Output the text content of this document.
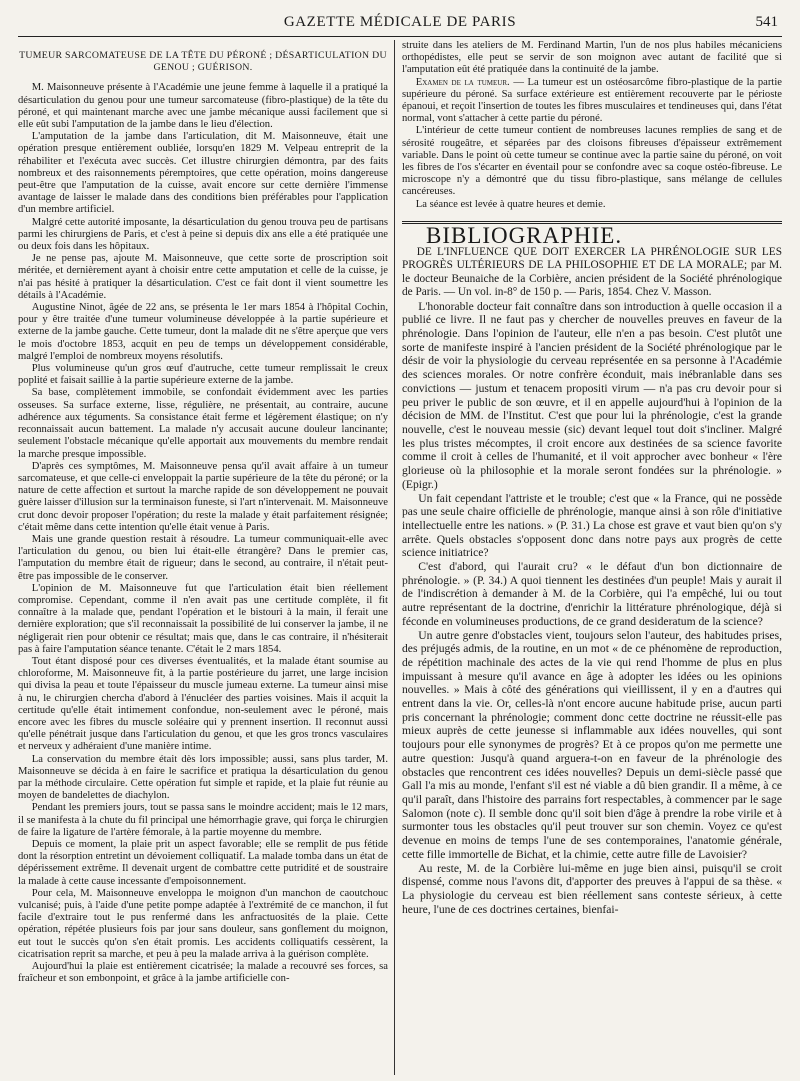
GAZETTE MÉDICALE DE PARIS	541
TUMEUR SARCOMATEUSE DE LA TÊTE DU PÉRONÉ ; DÉSARTICULATION DU GENOU ; GUÉRISON.

M. Maisonneuve présente à l'Académie une jeune femme à laquelle il a pratiqué la désarticulation du genou pour une tumeur sarcomateuse (fibro-plastique) de la tête du péroné, et qui maintenant marche avec une jambe mécanique aussi facilement que si elle eût subi l'amputation de la jambe dans le lieu d'élection.

L'amputation de la jambe dans l'articulation, dit M. Maisonneuve, était une opération presque entièrement oubliée, lorsqu'en 1829 M. Velpeau entreprit de la réhabiliter et l'exécuta avec succès. Cet illustre chirurgien démontra, par des faits nombreux et des raisonnements péremptoires, que cette opération, moins dangereuse peut-être que l'amputation de la cuisse, avait encore sur cette dernière l'immense avantage de laisser le malade dans des conditions bien préférables pour l'application d'un membre artificiel.

Malgré cette autorité imposante, la désarticulation du genou trouva peu de partisans parmi les chirurgiens de Paris, et c'est à peine si depuis dix ans elle a été pratiquée une ou deux fois dans les hôpitaux.

Je ne pense pas, ajoute M. Maisonneuve, que cette sorte de proscription soit méritée, et dernièrement ayant à choisir entre cette amputation et celle de la cuisse, je n'ai pas hésité à pratiquer la désarticulation. C'est ce fait dont il vient soumettre les détails à l'Académie.

Augustine Ninot, âgée de 22 ans, se présenta le 1er mars 1854 à l'hôpital Cochin, pour y être traitée d'une tumeur volumineuse développée à la partie supérieure et externe de la jambe gauche. Cette tumeur, dont la malade dit ne s'être aperçue que vers le mois d'octobre 1853, acquit en peu de temps un développement considérable, malgré l'emploi de nombreux moyens résolutifs.

Plus volumineuse qu'un gros œuf d'autruche, cette tumeur remplissait le creux poplité et faisait saillie à la partie supérieure externe de la jambe.

Sa base, complètement immobile, se confondait évidemment avec les parties osseuses. Sa surface externe, lisse, régulière, ne présentait, au contraire, aucune adhérence aux téguments. Sa consistance était ferme et légèrement élastique; on n'y reconnaissait aucun battement. La malade n'y accusait aucune douleur lancinante; seulement l'obstacle mécanique qu'elle apportait aux mouvements du membre rendait la marche presque impossible.

D'après ces symptômes, M. Maisonneuve pensa qu'il avait affaire à un tumeur sarcomateuse, et que celle-ci enveloppait la partie supérieure de la tête du péroné; or la nature de cette affection et surtout la marche rapide de son développement ne pouvait guère laisser d'illusion sur la terminaison funeste, si l'art n'intervenait. M. Maisonneuve crut donc devoir proposer l'opération; du reste la malade y était parfaitement résignée; c'était même dans cette intention qu'elle était venue à Paris.

Mais une grande question restait à résoudre. La tumeur communiquait-elle avec l'articulation du genou, ou bien lui était-elle étrangère? Dans le premier cas, l'amputation du membre était de rigueur; dans le second, au contraire, il n'était peut-être pas impossible de le conserver.

L'opinion de M. Maisonneuve fut que l'articulation était bien réellement compromise. Cependant, comme il n'en avait pas une certitude complète, il fit connaître à la malade que, pendant l'opération et le bistouri à la main, il ferait une dernière exploration; que s'il reconnaissait la possibilité de lui conserver la jambe, il ne négligerait rien pour obtenir ce résultat; mais que, dans le cas contraire, il n'hésiterait pas à faire l'amputation séance tenante. C'était le 2 mars 1854.

Tout étant disposé pour ces diverses éventualités, et la malade étant soumise au chloroforme, M. Maisonneuve fit, à la partie postérieure du jarret, une large incision qui divisa la peau et toute l'épaisseur du muscle jumeau externe. La tumeur ainsi mise à nu, le chirurgien chercha d'abord à l'énucléer des parties voisines. Mais il acquit la certitude qu'elle était intimement confondue, non-seulement avec le péroné, mais encore avec les fibres du muscle soléaire qui y prennent insertion. Il reconnut aussi qu'elle pénétrait jusque dans l'articulation du genou, et que les gros troncs vasculaires et nerveux y adhéraient d'une manière intime.

La conservation du membre était dès lors impossible; aussi, sans plus tarder, M. Maisonneuve se décida à en faire le sacrifice et pratiqua la désarticulation du genou par la méthode circulaire. Cette opération fut simple et rapide, et la plaie fut réunie au moyen de bandelettes de diachylon.

Pendant les premiers jours, tout se passa sans le moindre accident; mais le 12 mars, il se manifesta à la chute du fil principal une hémorrhagie grave, qui força le chirurgien de faire la ligature de l'artère fémorale, à la partie moyenne du membre.

Depuis ce moment, la plaie prit un aspect favorable; elle se remplit de pus fétide dont la résorption entretint un dévoiement colliquatif. La malade tomba dans un état de dépérissement extrême. Il devenait urgent de combattre cette putridité et de soustraire la malade à cette cause incessante d'empoisonnement.

Pour cela, M. Maisonneuve enveloppa le moignon d'un manchon de caoutchouc vulcanisé; puis, à l'aide d'une petite pompe adaptée à l'extrémité de ce manchon, il fut facile d'extraire tout le pus renfermé dans les anfractuosités de la plaie. Cette opération, répétée plusieurs fois par jour sans douleur, sans gonflement du moignon, eut tout le succès qu'on s'en était promis. Les accidents colliquatifs cessèrent, la cicatrisation reprit sa marche, et peu à peu la malade arriva à la guérison complète.

Aujourd'hui la plaie est entièrement cicatrisée; la malade a recouvré ses forces, sa fraîcheur et son embonpoint, et grâce à la jambe artificielle con-

struite dans les ateliers de M. Ferdinand Martin, l'un de nos plus habiles mécaniciens orthopédistes, elle peut se servir de son moignon avec autant de facilité que si l'amputation eût été pratiquée dans la continuité de la jambe.

Examen de la tumeur. — La tumeur est un ostéosarcôme fibro-plastique de la partie supérieure du péroné. Sa surface extérieure est entièrement recouverte par le périoste épanoui, et reçoit l'insertion de toutes les fibres musculaires et tendineuses qui, dans l'état normal, vont s'attacher à cette partie du péroné.

L'intérieur de cette tumeur contient de nombreuses lacunes remplies de sang et de sérosité rougeâtre, et séparées par des cloisons fibreuses d'épaisseur extrêmement variable. Dans le point où cette tumeur se continue avec la partie saine du péroné, on voit les fibres de l'os s'écarter en éventail pour se confondre avec sa coque ostéo-fibreuse. Le microscope n'y a démontré que du tissu fibro-plastique, sans mélange de cellules cancéreuses.

La séance est levée à quatre heures et demie.

BIBLIOGRAPHIE.

DE L'INFLUENCE QUE DOIT EXERCER LA PHRÉNOLOGIE SUR LES PROGRÈS ULTÉRIEURS DE LA PHILOSOPHIE ET DE LA MORALE; par M. le docteur Beunaiche de la Corbière, ancien président de la Société phrénologique de Paris. — Un vol. in-8° de 150 p. — Paris, 1854. Chez V. Masson.

L'honorable docteur fait connaître dans son introduction à quelle occasion il a publié ce livre. Il ne faut pas y chercher de nouvelles preuves en faveur de la phrénologie. Dans l'opinion de l'auteur, elle n'en a pas besoin. C'est plutôt une sorte de manifeste inspiré à l'ancien président de la Société phrénologique par le désir de voir la physiologie du cerveau représentée en sa personne à l'Académie des sciences morales. Or notre confrère éconduit, mais inébranlable dans ses convictions — justum et tenacem propositi virum — n'a pas cru devoir pour si peu priver le public de son œuvre, et il en appelle aujourd'hui à l'opinion de la décision de MM. de l'Institut. C'est que pour lui la phrénologie, c'est la grande nouvelle, c'est le nouveau messie (sic) devant lequel tout doit s'incliner. Malgré les plus tristes mécomptes, il croit encore aux destinées de sa science favorite comme il croit à celles de l'humanité, et il voit approcher avec bonheur « l'ère glorieuse où la philosophie et la morale seront fondées sur la phrénologie. » (Epigr.)

Un fait cependant l'attriste et le trouble; c'est que « la France, qui ne possède pas une seule chaire officielle de phrénologie, manque ainsi à son rôle d'initiative intellectuelle entre les nations. » (P. 31.) La chose est grave et vaut bien qu'on s'y arrête. Quels obstacles s'opposent donc dans notre pays aux progrès de cette science initiatrice?

C'est d'abord, qui l'aurait cru? « le défaut d'un bon dictionnaire de phrénologie. » (P. 34.) A quoi tiennent les destinées d'un peuple! Mais y aurait il de l'indiscrétion à demander à M. de la Corbière, qui l'a empêché, lui ou tout autre représentant de la doctrine, d'enrichir la littérature phrénologique, déjà si féconde en volumineuses productions, de ce grand desideratum de la science?

Un autre genre d'obstacles vient, toujours selon l'auteur, des habitudes prises, des préjugés admis, de la routine, en un mot « de ce phénomène de reproduction, de répétition machinale des actes de la vie qui rend l'homme de plus en plus impuissant à mesure qu'il avance en âge à adopter les idées ou les opinions nouvelles. » Mais à côté des générations qui vieillissent, il y en a d'autres qui entrent dans la vie. Or, celles-là n'ont encore aucune habitude prise, aucun parti pris concernant la phrénologie; comment donc cette doctrine ne réussit-elle pas mieux auprès de cette jeunesse si inflammable aux idées nouvelles, qui sont toujours pour elle synonymes de progrès? Et à ce propos qu'on me permette une autre question: Jusqu'à quand arguera-t-on en faveur de la phrénologie des obstacles que rencontrent ces idées nouvelles? Depuis un demi-siècle passé que Gall l'a mis au monde, l'enfant s'il est né viable a dû bien grandir. Il a même, à ce qu'il paraît, dans l'histoire des parrains fort respectables, à commencer par le sage Salomon (note c). Il semble donc qu'il soit bien d'âge à prendre la robe virile et à surmonter tous les obstacles qu'il peut trouver sur son chemin. Voyez ce qu'est devenue en moins de temps l'une de ses contemporaines, l'anatomie générale, cette fille immortelle de Bichat, et la chimie, cette autre fille de Lavoisier?

Au reste, M. de la Corbière lui-même en juge bien ainsi, puisqu'il se croit dispensé, comme nous l'avons dit, d'apporter des preuves à l'appui de sa thèse. « La physiologie du cerveau est bien réellement sans conteste sérieux, à cette heure, l'une de ces doctrines certaines, bienfai-
